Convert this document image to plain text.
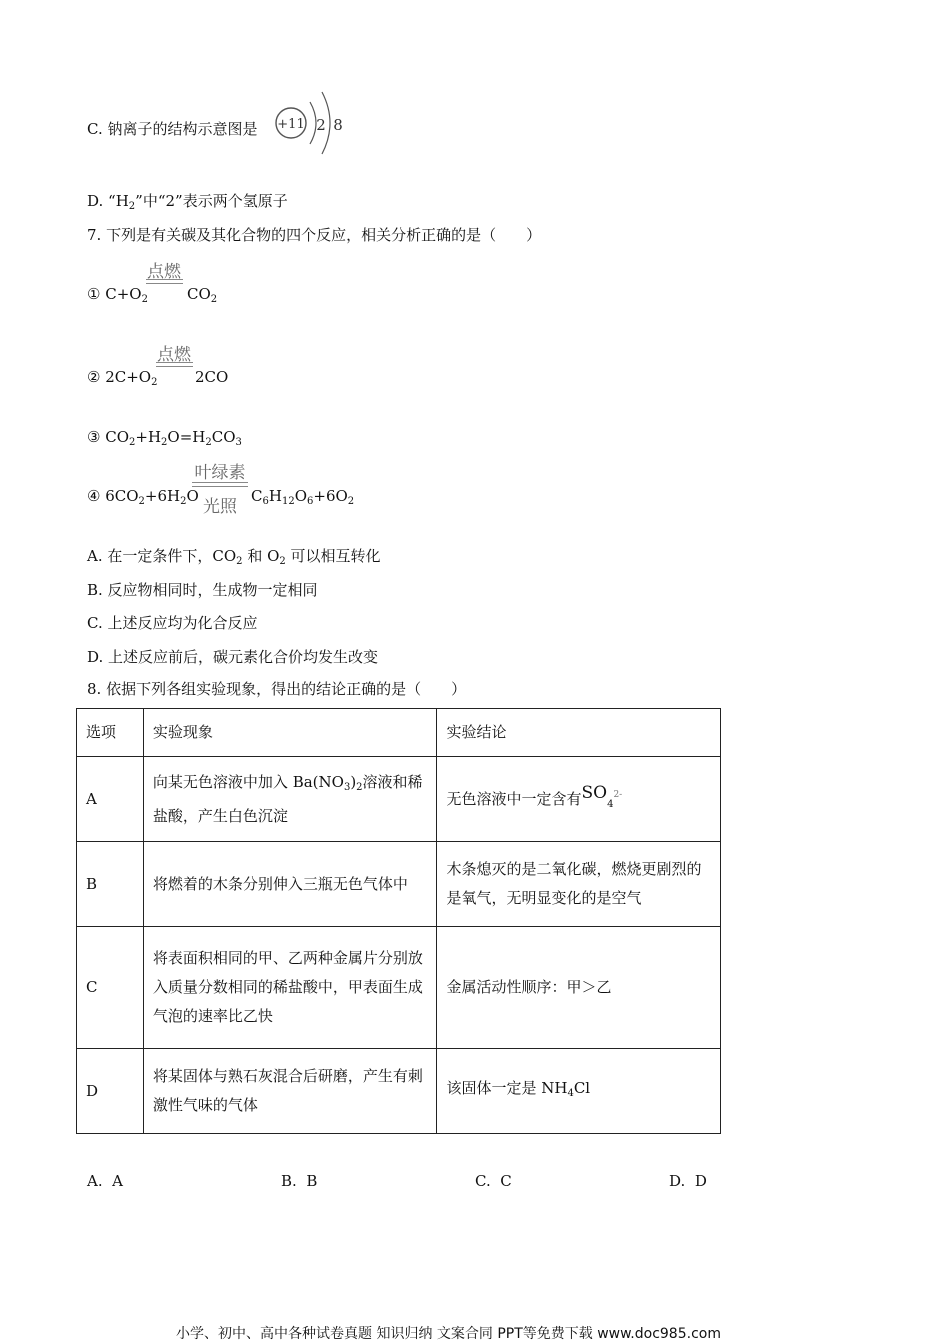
C. 钠离子的结构示意图是 +11 2 8
D. “$H_2$”中“2”表示两个氢原子
7. 下列是有关碳及其化合物的四个反应，相关分析正确的是（　　）
① $C+O_2$
点燃
$CO_2$
② $2C+O_2$
点燃
2CO
③ $CO_2+H_2O=H_2CO_3$
④ $6CO_2+6H_2O$
叶绿素
光照
$C_6H_{12}O_6+6O_2$
A. 在一定条件下，$CO_2$ 和 $O_2$ 可以相互转化
B. 反应物相同时，生成物一定相同
C. 上述反应均为化合反应
D. 上述反应前后，碳元素化合价均发生改变
8. 依据下列各组实验现象，得出的结论正确的是（　　）
选项	实验现象	实验结论
A	向某无色溶液中加入 $Ba(NO_3)_2$溶液和稀盐酸，产生白色沉淀	无色溶液中一定含有$SO_4^{2-}$
B	将燃着的木条分别伸入三瓶无色气体中	木条熄灭的是二氧化碳，燃烧更剧烈的是氧气，无明显变化的是空气
C	将表面积相同的甲、乙两种金属片分别放入质量分数相同的稀盐酸中，甲表面生成气泡的速率比乙快	金属活动性顺序：甲＞乙
D	将某固体与熟石灰混合后研磨，产生有刺激性气味的气体	该固体一定是 $NH_4Cl$
A. A	B. B	C. C	D. D
小学、初中、高中各种试卷真题 知识归纳 文案合同 PPT等免费下载 www.doc985.com
